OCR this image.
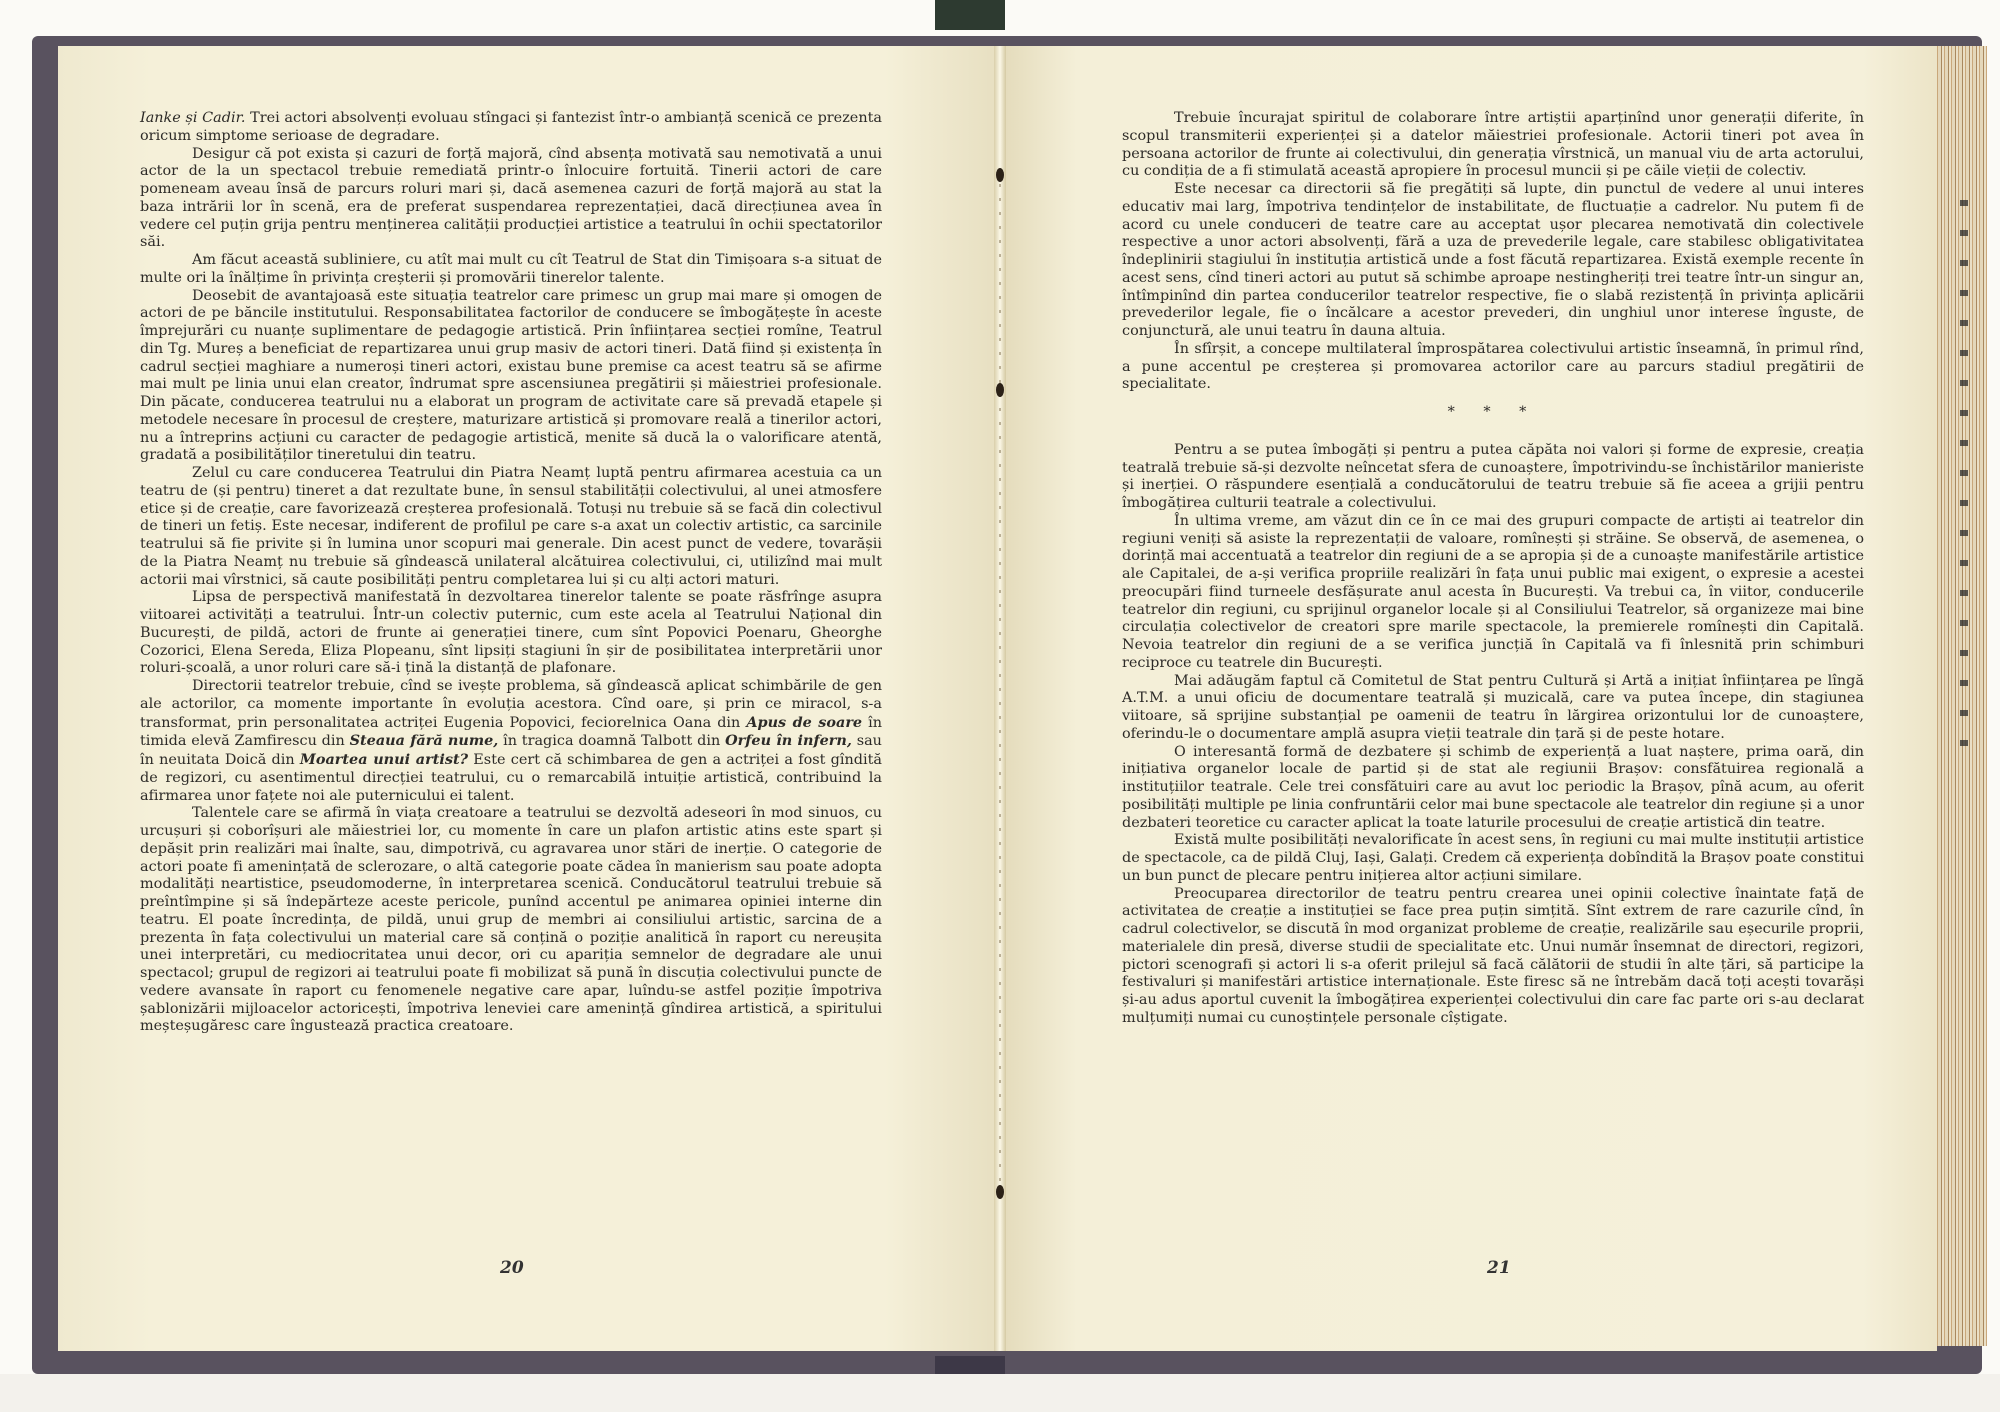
Ianke și Cadir. Trei actori absolvenți evoluau stîngaci și fantezist într-o ambianță scenică ce prezenta oricum simptome serioase de degradare.

Desigur că pot exista și cazuri de forță majoră, cînd absența motivată sau nemotivată a unui actor de la un spectacol trebuie remediată printr-o înlocuire fortuită. Tinerii actori de care pomeneam aveau însă de parcurs roluri mari și, dacă asemenea cazuri de forță majoră au stat la baza intrării lor în scenă, era de preferat suspendarea reprezentației, dacă direcțiunea avea în vedere cel puțin grija pentru menținerea calității producției artistice a teatrului în ochii spectatorilor săi.

Am făcut această subliniere, cu atît mai mult cu cît Teatrul de Stat din Timișoara s-a situat de multe ori la înălțime în privința creșterii și promovării tinerelor talente.

Deosebit de avantajoasă este situația teatrelor care primesc un grup mai mare și omogen de actori de pe băncile institutului. Responsabilitatea factorilor de conducere se îmbogățește în aceste împrejurări cu nuanțe suplimentare de pedagogie artistică. Prin înființarea secției romîne, Teatrul din Tg. Mureș a beneficiat de repartizarea unui grup masiv de actori tineri. Dată fiind și existența în cadrul secției maghiare a numeroși tineri actori, existau bune premise ca acest teatru să se afirme mai mult pe linia unui elan creator, îndrumat spre ascensiunea pregătirii și măiestriei profesionale. Din păcate, conducerea teatrului nu a elaborat un program de activitate care să prevadă etapele și metodele necesare în procesul de creștere, maturizare artistică și promovare reală a tinerilor actori, nu a întreprins acțiuni cu caracter de pedagogie artistică, menite să ducă la o valorificare atentă, gradată a posibilităților tineretului din teatru.

Zelul cu care conducerea Teatrului din Piatra Neamț luptă pentru afirmarea acestuia ca un teatru de (și pentru) tineret a dat rezultate bune, în sensul stabilității colectivului, al unei atmosfere etice și de creație, care favorizează creșterea profesională. Totuși nu trebuie să se facă din colectivul de tineri un fetiș. Este necesar, indiferent de profilul pe care s-a axat un colectiv artistic, ca sarcinile teatrului să fie privite și în lumina unor scopuri mai generale. Din acest punct de vedere, tovarășii de la Piatra Neamț nu trebuie să gîndească unilateral alcătuirea colectivului, ci, utilizînd mai mult actorii mai vîrstnici, să caute posibilități pentru completarea lui și cu alți actori maturi.

Lipsa de perspectivă manifestată în dezvoltarea tinerelor talente se poate răsfrînge asupra viitoarei activități a teatrului. Într-un colectiv puternic, cum este acela al Teatrului Național din București, de pildă, actori de frunte ai generației tinere, cum sînt Popovici Poenaru, Gheorghe Cozorici, Elena Sereda, Eliza Plopeanu, sînt lipsiți stagiuni în șir de posibilitatea interpretării unor roluri-școală, a unor roluri care să-i țină la distanță de plafonare.

Directorii teatrelor trebuie, cînd se ivește problema, să gîndească aplicat schimbările de gen ale actorilor, ca momente importante în evoluția acestora. Cînd oare, și prin ce miracol, s-a transformat, prin personalitatea actriței Eugenia Popovici, feciorelnica Oana din Apus de soare în timida elevă Zamfirescu din Steaua fără nume, în tragica doamnă Talbott din Orfeu în infern, sau în neuitata Doică din Moartea unui artist? Este cert că schimbarea de gen a actriței a fost gîndită de regizori, cu asentimentul direcției teatrului, cu o remarcabilă intuiție artistică, contribuind la afirmarea unor fațete noi ale puternicului ei talent.

Talentele care se afirmă în viața creatoare a teatrului se dezvoltă adeseori în mod sinuos, cu urcușuri și coborîșuri ale măiestriei lor, cu momente în care un plafon artistic atins este spart și depășit prin realizări mai înalte, sau, dimpotrivă, cu agravarea unor stări de inerție. O categorie de actori poate fi amenințată de sclerozare, o altă categorie poate cădea în manierism sau poate adopta modalități neartistice, pseudomoderne, în interpretarea scenică. Conducătorul teatrului trebuie să preîntîmpine și să îndepărteze aceste pericole, punînd accentul pe animarea opiniei interne din teatru. El poate încredința, de pildă, unui grup de membri ai consiliului artistic, sarcina de a prezenta în fața colectivului un material care să conțină o poziție analitică în raport cu nereușita unei interpretări, cu mediocritatea unui decor, ori cu apariția semnelor de degradare ale unui spectacol; grupul de regizori ai teatrului poate fi mobilizat să pună în discuția colectivului puncte de vedere avansate în raport cu fenomenele negative care apar, luîndu-se astfel poziție împotriva șablonizării mijloacelor actoricești, împotriva leneviei care amenință gîndirea artistică, a spiritului meșteșugăresc care îngustează practica creatoare.

20

Trebuie încurajat spiritul de colaborare între artiștii aparținînd unor generații diferite, în scopul transmiterii experienței și a datelor măiestriei profesionale. Actorii tineri pot avea în persoana actorilor de frunte ai colectivului, din generația vîrstnică, un manual viu de arta actorului, cu condiția de a fi stimulată această apropiere în procesul muncii și pe căile vieții de colectiv.

Este necesar ca directorii să fie pregătiți să lupte, din punctul de vedere al unui interes educativ mai larg, împotriva tendințelor de instabilitate, de fluctuație a cadrelor. Nu putem fi de acord cu unele conduceri de teatre care au acceptat ușor plecarea nemotivată din colectivele respective a unor actori absolvenți, fără a uza de prevederile legale, care stabilesc obligativitatea îndeplinirii stagiului în instituția artistică unde a fost făcută repartizarea. Există exemple recente în acest sens, cînd tineri actori au putut să schimbe aproape nestingheriți trei teatre într-un singur an, întîmpinînd din partea conducerilor teatrelor respective, fie o slabă rezistență în privința aplicării prevederilor legale, fie o încălcare a acestor prevederi, din unghiul unor interese înguste, de conjunctură, ale unui teatru în dauna altuia.

În sfîrșit, a concepe multilateral împrospătarea colectivului artistic înseamnă, în primul rînd, a pune accentul pe creșterea și promovarea actorilor care au parcurs stadiul pregătirii de specialitate.

* * *

Pentru a se putea îmbogăți și pentru a putea căpăta noi valori și forme de expresie, creația teatrală trebuie să-și dezvolte neîncetat sfera de cunoaștere, împotrivindu-se închistărilor manieriste și inerției. O răspundere esențială a conducătorului de teatru trebuie să fie aceea a grijii pentru îmbogățirea culturii teatrale a colectivului.

În ultima vreme, am văzut din ce în ce mai des grupuri compacte de artiști ai teatrelor din regiuni veniți să asiste la reprezentații de valoare, romînești și străine. Se observă, de asemenea, o dorință mai accentuată a teatrelor din regiuni de a se apropia și de a cunoaște manifestările artistice ale Capitalei, de a-și verifica propriile realizări în fața unui public mai exigent, o expresie a acestei preocupări fiind turneele desfășurate anul acesta în București. Va trebui ca, în viitor, conducerile teatrelor din regiuni, cu sprijinul organelor locale și al Consiliului Teatrelor, să organizeze mai bine circulația colectivelor de creatori spre marile spectacole, la premierele romînești din Capitală. Nevoia teatrelor din regiuni de a se verifica juncțiă în Capitală va fi înlesnită prin schimburi reciproce cu teatrele din București.

Mai adăugăm faptul că Comitetul de Stat pentru Cultură și Artă a inițiat înființarea pe lîngă A.T.M. a unui oficiu de documentare teatrală și muzicală, care va putea începe, din stagiunea viitoare, să sprijine substanțial pe oamenii de teatru în lărgirea orizontului lor de cunoaștere, oferindu-le o documentare amplă asupra vieții teatrale din țară și de peste hotare.

O interesantă formă de dezbatere și schimb de experiență a luat naștere, prima oară, din inițiativa organelor locale de partid și de stat ale regiunii Brașov: consfătuirea regională a instituțiilor teatrale. Cele trei consfătuiri care au avut loc periodic la Brașov, pînă acum, au oferit posibilități multiple pe linia confruntării celor mai bune spectacole ale teatrelor din regiune și a unor dezbateri teoretice cu caracter aplicat la toate laturile procesului de creație artistică din teatre.

Există multe posibilități nevalorificate în acest sens, în regiuni cu mai multe instituții artistice de spectacole, ca de pildă Cluj, Iași, Galați. Credem că experiența dobîndită la Brașov poate constitui un bun punct de plecare pentru inițierea altor acțiuni similare.

Preocuparea directorilor de teatru pentru crearea unei opinii colective înaintate față de activitatea de creație a instituției se face prea puțin simțită. Sînt extrem de rare cazurile cînd, în cadrul colectivelor, se discută în mod organizat probleme de creație, realizările sau eșecurile proprii, materialele din presă, diverse studii de specialitate etc. Unui număr însemnat de directori, regizori, pictori scenografi și actori li s-a oferit prilejul să facă călătorii de studii în alte țări, să participe la festivaluri și manifestări artistice internaționale. Este firesc să ne întrebăm dacă toți acești tovarăși și-au adus aportul cuvenit la îmbogățirea experienței colectivului din care fac parte ori s-au declarat mulțumiți numai cu cunoștințele personale cîștigate.

21
